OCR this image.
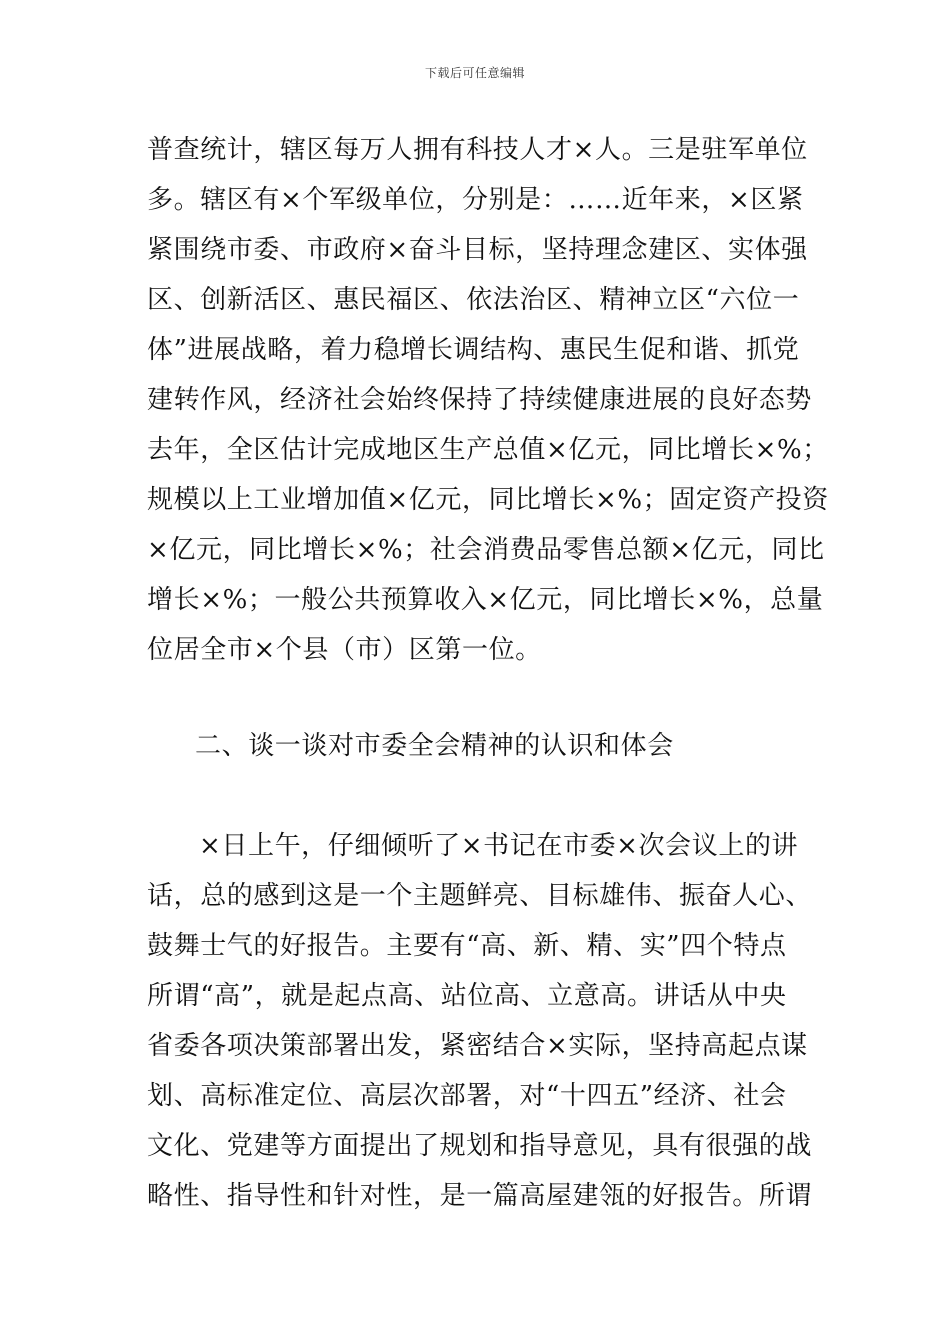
下载后可任意编辑
普查统计，辖区每万人拥有科技人才×人。三是驻军单位
多。辖区有×个军级单位，分别是：……近年来，×区紧
紧围绕市委、市政府×奋斗目标，坚持理念建区、实体强
区、创新活区、惠民福区、依法治区、精神立区“六位一
体”进展战略，着力稳增长调结构、惠民生促和谐、抓党
建转作风，经济社会始终保持了持续健康进展的良好态势
去年，全区估计完成地区生产总值×亿元，同比增长×%；
规模以上工业增加值×亿元，同比增长×%；固定资产投资
×亿元，同比增长×%；社会消费品零售总额×亿元，同比
增长×%；一般公共预算收入×亿元，同比增长×%，总量
位居全市×个县（市）区第一位。
二、谈一谈对市委全会精神的认识和体会
×日上午，仔细倾听了×书记在市委×次会议上的讲
话，总的感到这是一个主题鲜亮、目标雄伟、振奋人心、
鼓舞士气的好报告。主要有“高、新、精、实”四个特点
所谓“高”，就是起点高、站位高、立意高。讲话从中央
省委各项决策部署出发，紧密结合×实际，坚持高起点谋
划、高标准定位、高层次部署，对“十四五”经济、社会
文化、党建等方面提出了规划和指导意见，具有很强的战
略性、指导性和针对性，是一篇高屋建瓴的好报告。所谓
